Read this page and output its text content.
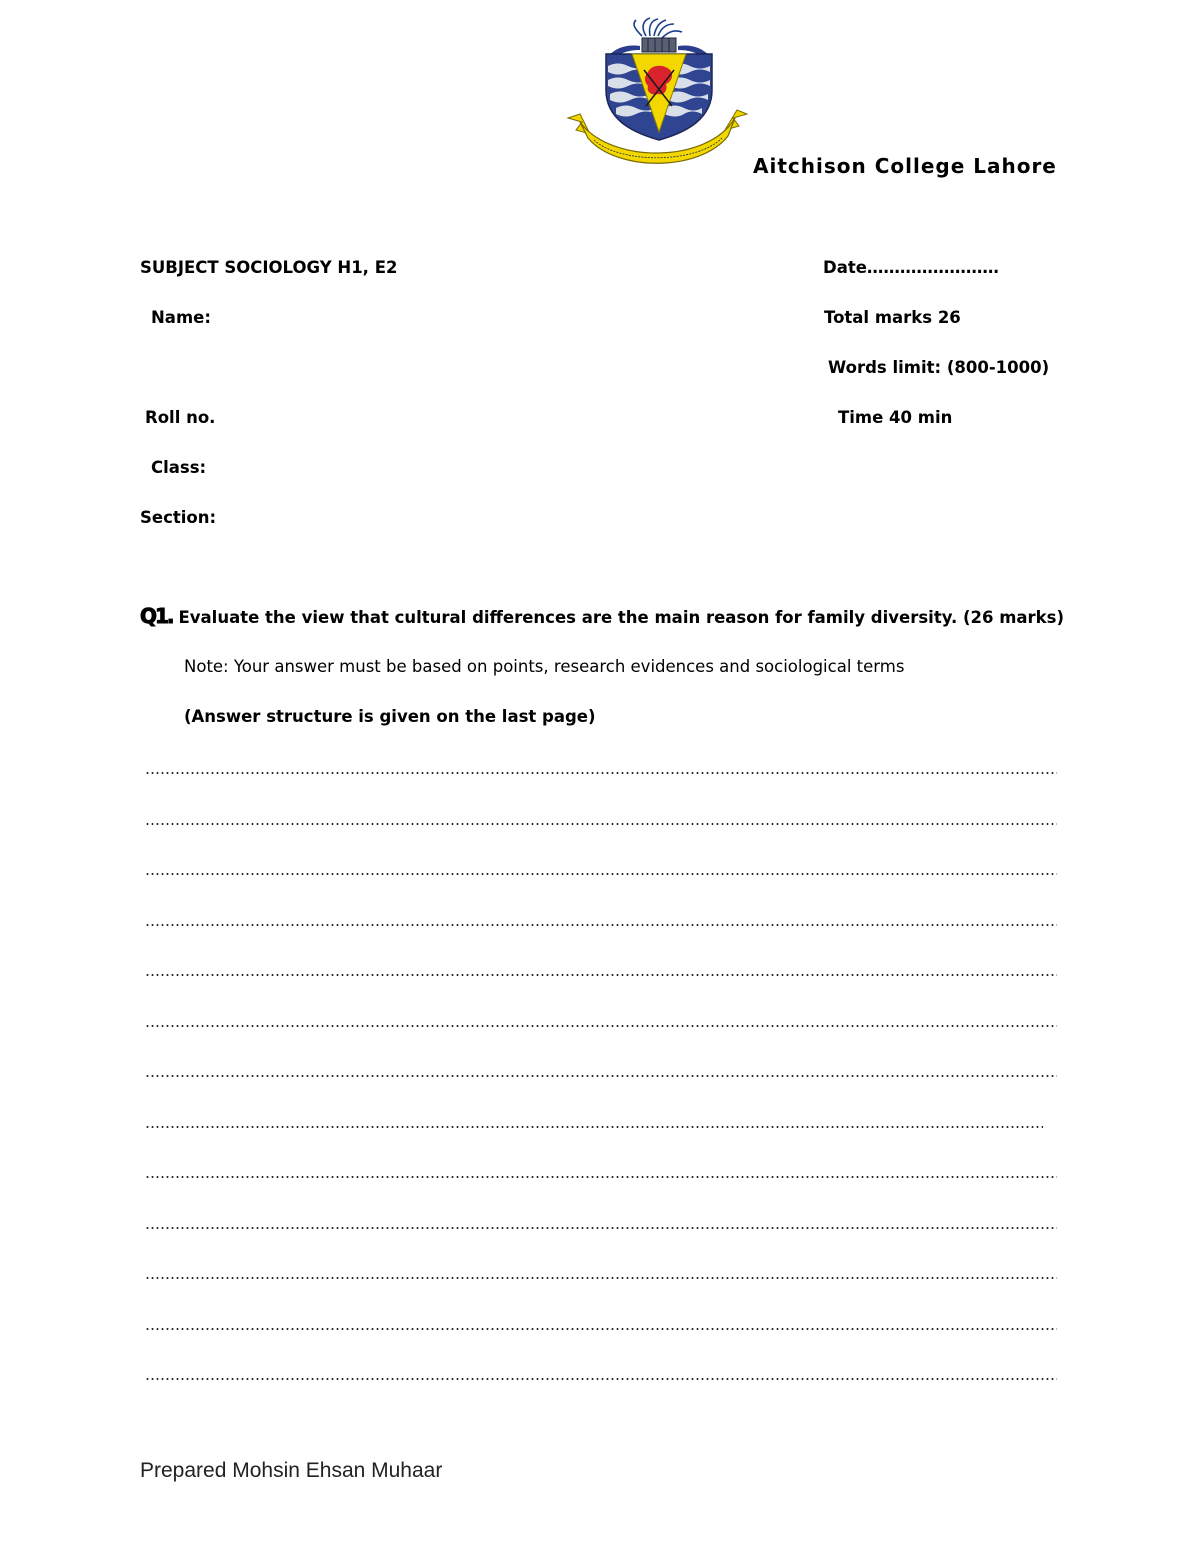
Aitchison College Lahore
SUBJECT SOCIOLOGY H1, E2
Name:
Roll no.
Class:
Section:
Date……………………
Total marks 26
Words limit: (800-1000)
Time 40 min
Q1. Evaluate the view that cultural differences are the main reason for family diversity. (26 marks)
Note: Your answer must be based on points, research evidences and sociological terms
(Answer structure is given on the last page)
Prepared Mohsin Ehsan Muhaar
